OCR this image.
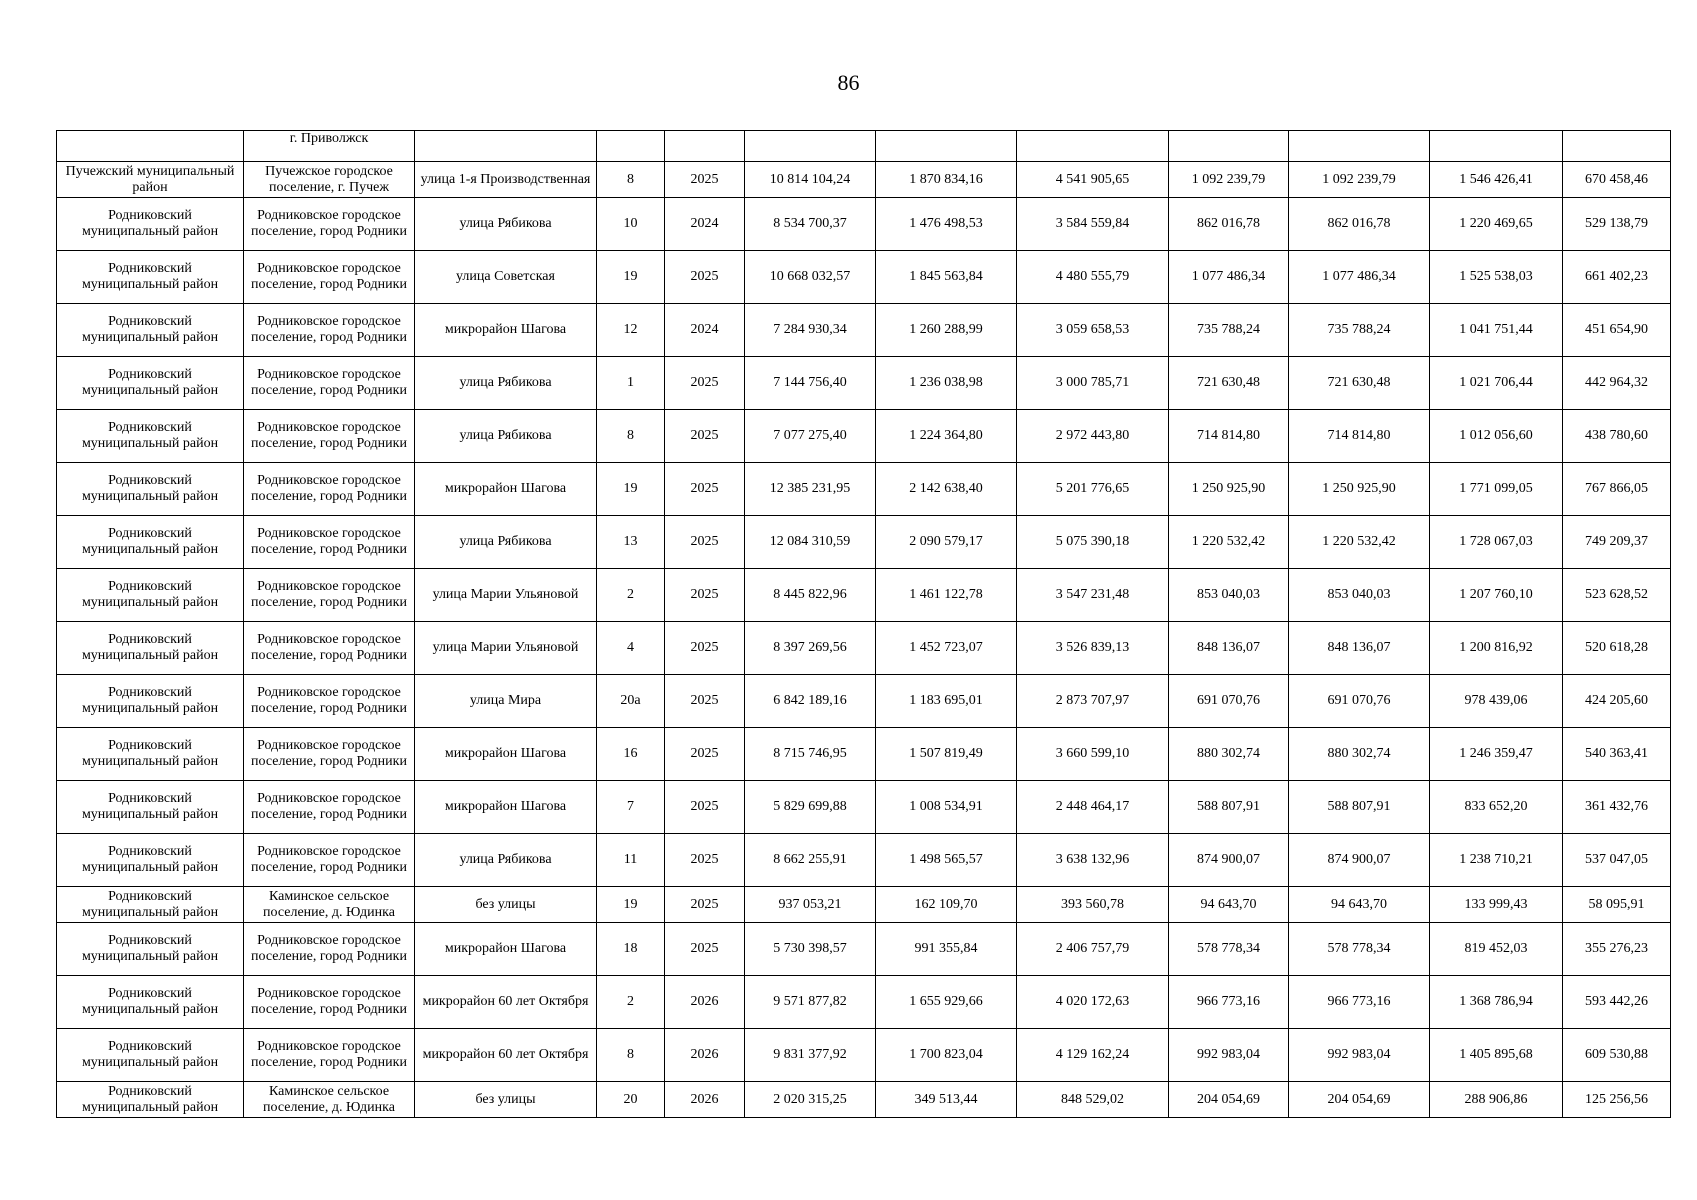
86
	г. Приволжск										
Пучежский муниципальный район	Пучежское городское поселение, г. Пучеж	улица 1-я Производственная	8	2025	10 814 104,24	1 870 834,16	4 541 905,65	1 092 239,79	1 092 239,79	1 546 426,41	670 458,46
Родниковский муниципальный район	Родниковское городское поселение, город Родники	улица Рябикова	10	2024	8 534 700,37	1 476 498,53	3 584 559,84	862 016,78	862 016,78	1 220 469,65	529 138,79
Родниковский муниципальный район	Родниковское городское поселение, город Родники	улица Советская	19	2025	10 668 032,57	1 845 563,84	4 480 555,79	1 077 486,34	1 077 486,34	1 525 538,03	661 402,23
Родниковский муниципальный район	Родниковское городское поселение, город Родники	микрорайон Шагова	12	2024	7 284 930,34	1 260 288,99	3 059 658,53	735 788,24	735 788,24	1 041 751,44	451 654,90
Родниковский муниципальный район	Родниковское городское поселение, город Родники	улица Рябикова	1	2025	7 144 756,40	1 236 038,98	3 000 785,71	721 630,48	721 630,48	1 021 706,44	442 964,32
Родниковский муниципальный район	Родниковское городское поселение, город Родники	улица Рябикова	8	2025	7 077 275,40	1 224 364,80	2 972 443,80	714 814,80	714 814,80	1 012 056,60	438 780,60
Родниковский муниципальный район	Родниковское городское поселение, город Родники	микрорайон Шагова	19	2025	12 385 231,95	2 142 638,40	5 201 776,65	1 250 925,90	1 250 925,90	1 771 099,05	767 866,05
Родниковский муниципальный район	Родниковское городское поселение, город Родники	улица Рябикова	13	2025	12 084 310,59	2 090 579,17	5 075 390,18	1 220 532,42	1 220 532,42	1 728 067,03	749 209,37
Родниковский муниципальный район	Родниковское городское поселение, город Родники	улица Марии Ульяновой	2	2025	8 445 822,96	1 461 122,78	3 547 231,48	853 040,03	853 040,03	1 207 760,10	523 628,52
Родниковский муниципальный район	Родниковское городское поселение, город Родники	улица Марии Ульяновой	4	2025	8 397 269,56	1 452 723,07	3 526 839,13	848 136,07	848 136,07	1 200 816,92	520 618,28
Родниковский муниципальный район	Родниковское городское поселение, город Родники	улица Мира	20а	2025	6 842 189,16	1 183 695,01	2 873 707,97	691 070,76	691 070,76	978 439,06	424 205,60
Родниковский муниципальный район	Родниковское городское поселение, город Родники	микрорайон Шагова	16	2025	8 715 746,95	1 507 819,49	3 660 599,10	880 302,74	880 302,74	1 246 359,47	540 363,41
Родниковский муниципальный район	Родниковское городское поселение, город Родники	микрорайон Шагова	7	2025	5 829 699,88	1 008 534,91	2 448 464,17	588 807,91	588 807,91	833 652,20	361 432,76
Родниковский муниципальный район	Родниковское городское поселение, город Родники	улица Рябикова	11	2025	8 662 255,91	1 498 565,57	3 638 132,96	874 900,07	874 900,07	1 238 710,21	537 047,05
Родниковский муниципальный район	Каминское сельское поселение, д. Юдинка	без улицы	19	2025	937 053,21	162 109,70	393 560,78	94 643,70	94 643,70	133 999,43	58 095,91
Родниковский муниципальный район	Родниковское городское поселение, город Родники	микрорайон Шагова	18	2025	5 730 398,57	991 355,84	2 406 757,79	578 778,34	578 778,34	819 452,03	355 276,23
Родниковский муниципальный район	Родниковское городское поселение, город Родники	микрорайон 60 лет Октября	2	2026	9 571 877,82	1 655 929,66	4 020 172,63	966 773,16	966 773,16	1 368 786,94	593 442,26
Родниковский муниципальный район	Родниковское городское поселение, город Родники	микрорайон 60 лет Октября	8	2026	9 831 377,92	1 700 823,04	4 129 162,24	992 983,04	992 983,04	1 405 895,68	609 530,88
Родниковский муниципальный район	Каминское сельское поселение, д. Юдинка	без улицы	20	2026	2 020 315,25	349 513,44	848 529,02	204 054,69	204 054,69	288 906,86	125 256,56
